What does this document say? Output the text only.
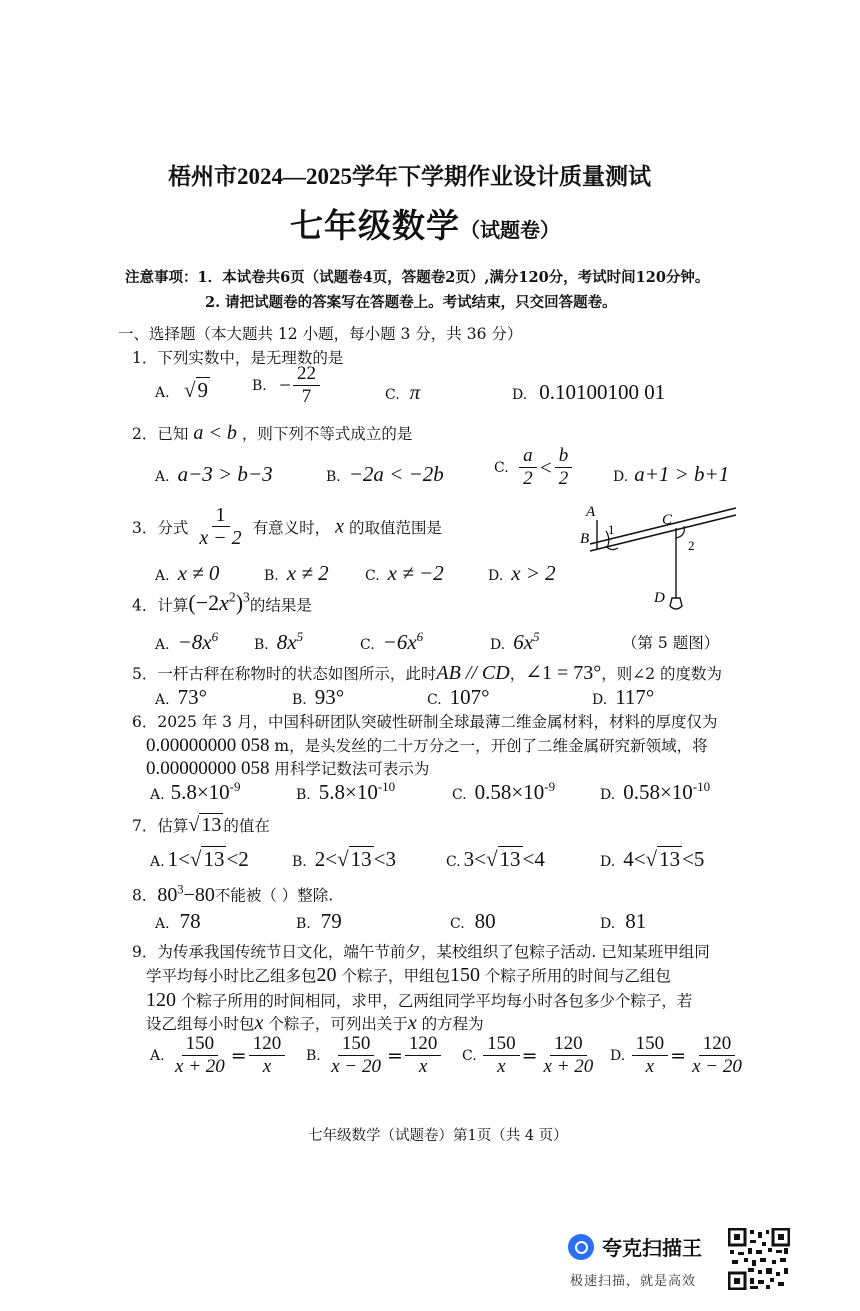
梧州市2024—2025学年下学期作业设计质量测试
七年级数学（试题卷）
注意事项：1．本试卷共6页（试题卷4页，答题卷2页）,满分120分，考试时间120分钟。
2. 请把试题卷的答案写在答题卷上。考试结束，只交回答题卷。
一、选择题（本大题共 12 小题，每小题 3 分，共 36 分）
1．下列实数中，是无理数的是
A. √9	B. − $\frac{22}{7}$	C. π	D. 0.10100100 01
2．已知 a < b ，则下列不等式成立的是
A. a−3 > b−3	B. −2a < −2b	C. $\frac{a}{2} < \frac{b}{2}$	D. a+1 > b+1
3．分式 $\frac{1}{x - 2}$ 有意义时， x 的取值范围是
A. x ≠ 0	B. x ≠ 2	C. x ≠ −2	D. x > 2
A
B
C
D
1
2
4．计算$(-2x^2)^3$的结果是
A. $-8x^6$
B. $8x^5$
C. $-6x^6$
D. $6x^5$	（第 5 题图）
5．一杆古秤在称物时的状态如图所示，此时AB // CD，∠1 = 73°，则∠2 的度数为
A. 73°	B. 93°	C. 107°	D. 117°
6．2025 年 3 月，中国科研团队突破性研制全球最薄二维金属材料，材料的厚度仅为
0.00000000 058 m，是头发丝的二十万分之一，开创了二维金属研究新领域，将
0.00000000 058 用科学记数法可表示为
A. $5.8\times 10^{-9}$
B. $5.8\times 10^{-10}$
C. $0.58\times 10^{-9}$
D. $0.58\times 10^{-10}$
7．估算√ 13 的值在
A. 1<√13<2	B. 2<√13<3	C. 3<√13<4	D. 4<√13<5
8．$80^3-80$不能被（ ）整除.
A. 78	B. 79	C. 80	D. 81
9．为传承我国传统节日文化，端午节前夕，某校组织了包粽子活动. 已知某班甲组同
学平均每小时比乙组多包20 个粽子，甲组包150 个粽子所用的时间与乙组包
120 个粽子所用的时间相同，求甲，乙两组同学平均每小时各包多少个粽子，若
设乙组每小时包x 个粽子，可列出关于x 的方程为
A. $\frac{150}{x + 20} = \frac{120}{x} B$. $\frac{150}{x - 20} = \frac{120}{x} C$. $\frac{150}{x} = \frac{120}{x + 20} D$. $\frac{150}{x} = \frac{120}{x - 20}$
七年级数学（试题卷）第1页（共 4 页）
夸克扫描王
极速扫描，就是高效
